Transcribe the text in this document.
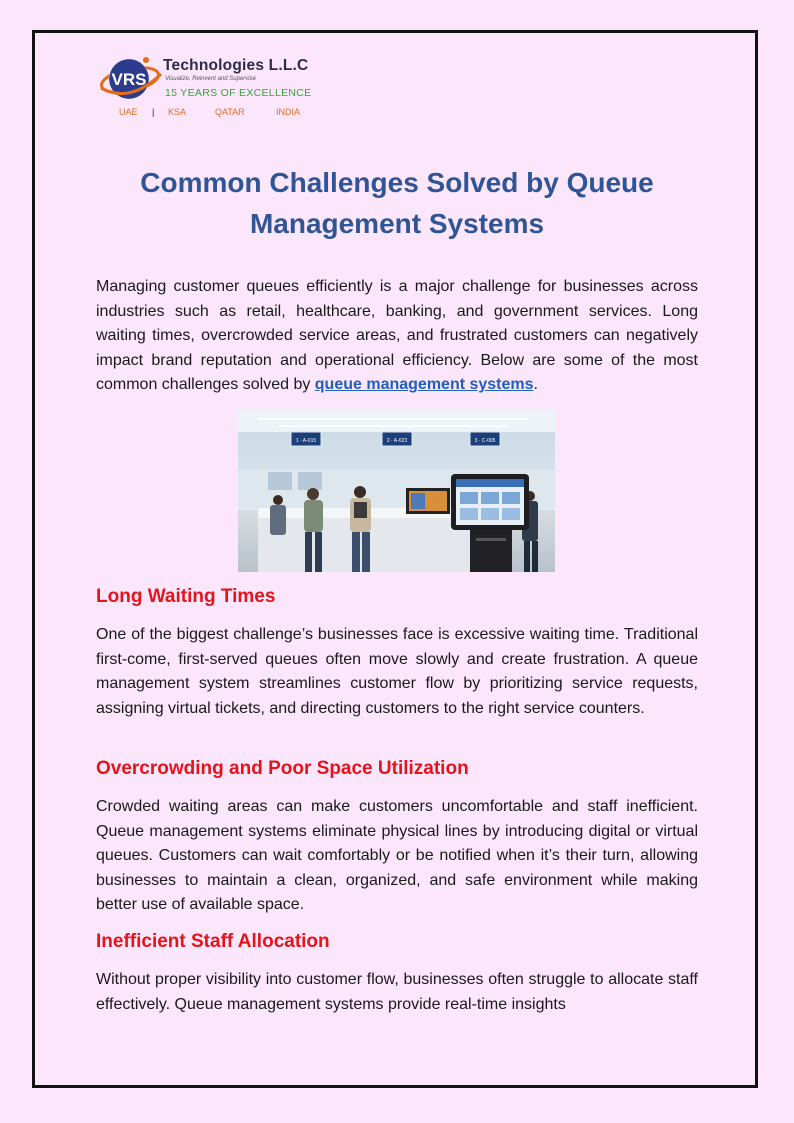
VRS
Technologies L.L.C
Visualize, Reinvent and Supervise
15 YEARS OF EXCELLENCE
UAE | KSA	QATAR	INDIA
Common Challenges Solved by Queue Management Systems

Managing customer queues efficiently is a major challenge for businesses across industries such as retail, healthcare, banking, and government services. Long waiting times, overcrowded service areas, and frustrated customers can negatively impact brand reputation and operational efficiency. Below are some of the most common challenges solved by queue management systems.

1 · A-015	2 · A-023	3 · C-005
Long Waiting Times

One of the biggest challenge’s businesses face is excessive waiting time. Traditional first-come, first-served queues often move slowly and create frustration. A queue management system streamlines customer flow by prioritizing service requests, assigning virtual tickets, and directing customers to the right service counters.

Overcrowding and Poor Space Utilization

Crowded waiting areas can make customers uncomfortable and staff inefficient. Queue management systems eliminate physical lines by introducing digital or virtual queues. Customers can wait comfortably or be notified when it’s their turn, allowing businesses to maintain a clean, organized, and safe environment while making better use of available space.

Inefficient Staff Allocation

Without proper visibility into customer flow, businesses often struggle to allocate staff effectively. Queue management systems provide real-time insights
